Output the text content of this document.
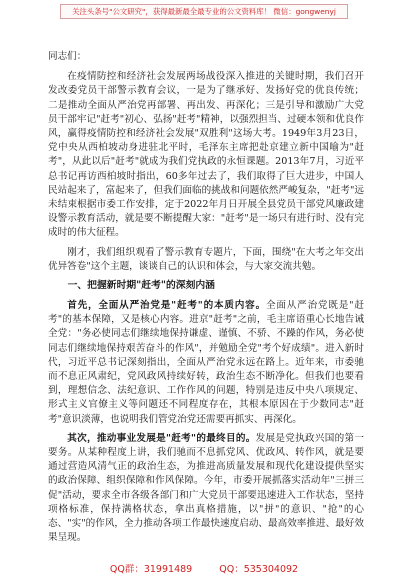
关注头条号"公文研究"，获得最新最全最专业的公文资料库！ 微信：gongwenyj

同志们：

在疫情防控和经济社会发展两场战役深入推进的关键时期，我们召开发改委党员干部警示教育会议，一是为了继承好、发扬好党的优良传统；二是推动全面从严治党再部署、再出发、再深化；三是引导和激励广大党员干部牢记"赶考"初心、弘扬"赶考"精神，以强烈担当、过硬本领和优良作风，赢得疫情防控和经济社会发展"双胜利"这场大考。1949年3月23日，党中央从西柏坡动身进驻北平时，毛泽东主席把赴京建立新中国喻为"赶考"，从此以后"赶考"就成为我们党执政的永恒课题。2013年7月，习近平总书记再访西柏坡时指出，60多年过去了，我们取得了巨大进步，中国人民站起来了，富起来了，但我们面临的挑战和问题依然严峻复杂，"赶考"远未结束根据市委工作安排，定于2022年月日开展全县党员干部党风廉政建设警示教育活动，就是要不断提醒大家："赶考"是一场只有进行时、没有完成时的伟大征程。

刚才，我们组织观看了警示教育专题片，下面，围绕"在大考之年交出优异答卷"这个主题，谈谈自己的认识和体会，与大家交流共勉。

一、把握新时期"赶考"的深刻内涵

首先，全面从严治党是"赶考"的本质内容。全面从严治党既是"赶考"的基本保障，又是核心内容。进京"赶考"之前，毛主席语重心长地告诫全党："务必使同志们继续地保持谦虚、谨慎、不骄、不躁的作风，务必使同志们继续地保持艰苦奋斗的作风"，并勉励全党"考个好成绩"。进入新时代，习近平总书记深刻指出，全面从严治党永远在路上。近年来，市委驰而不息正风肃纪，党风政风持续好转，政治生态不断净化。但我们也要看到，理想信念、法纪意识、工作作风的问题，特别是违反中央八项规定、形式主义官僚主义等问题还不同程度存在，其根本原因在于少数同志"赶考"意识淡薄，也说明我们管党治党还需要再抓实、再深化。

其次，推动事业发展是"赶考"的最终目的。发展是党执政兴国的第一要务。从某种程度上讲，我们驰而不息抓党风、优政风、转作风，就是要通过营造风清气正的政治生态，为推进高质量发展和现代化建设提供坚实的政治保障、组织保障和作风保障。今年，市委开展抓落实活动年"三拼三促"活动，要求全市各级各部门和广大党员干部要迅速进入工作状态，坚持项格标准，保持满格状态，拿出真格措施，以"拼"的意识、"抢"的心态、"实"的作风，全力推动各项工作最快速度启动、最高效率推进、最好效果呈现。

QQ群：31991489	QQ：535304092
